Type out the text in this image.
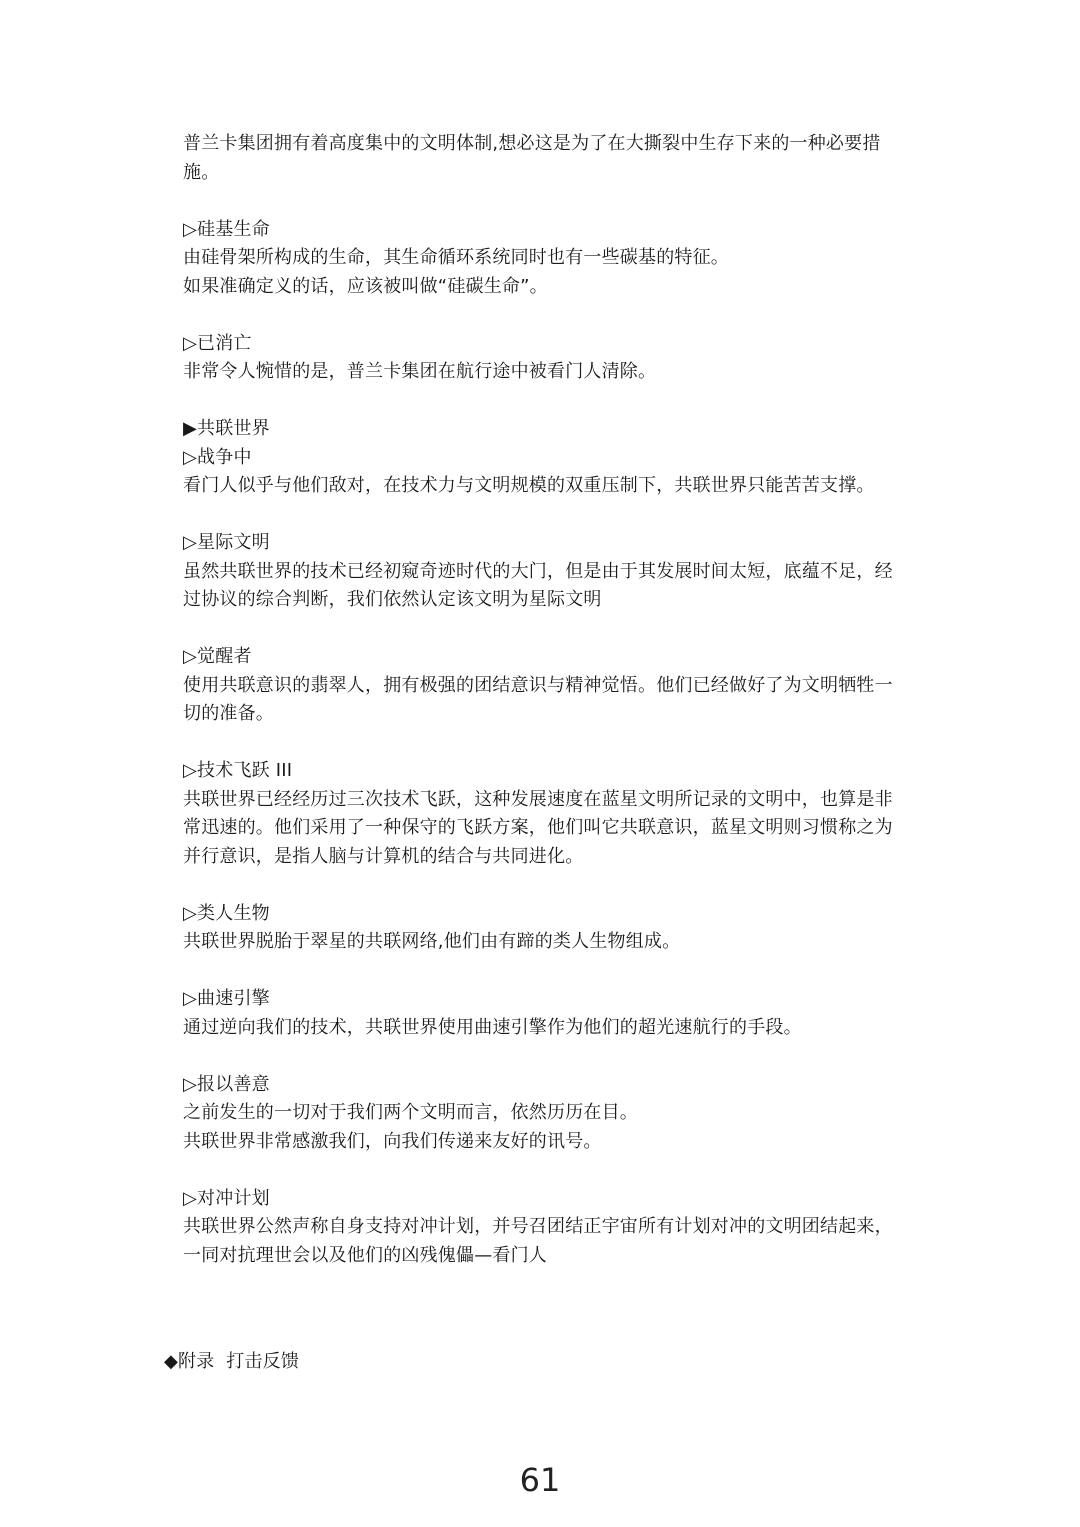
普兰卡集团拥有着高度集中的文明体制,想必这是为了在大撕裂中生存下来的一种必要措

施。

▷硅基生命

由硅骨架所构成的生命，其生命循环系统同时也有一些碳基的特征。

如果准确定义的话，应该被叫做“硅碳生命”。

▷已消亡

非常令人惋惜的是，普兰卡集团在航行途中被看门人清除。

▶共联世界

▷战争中

看门人似乎与他们敌对，在技术力与文明规模的双重压制下，共联世界只能苦苦支撑。

▷星际文明

虽然共联世界的技术已经初窥奇迹时代的大门，但是由于其发展时间太短，底蕴不足，经

过协议的综合判断，我们依然认定该文明为星际文明

▷觉醒者

使用共联意识的翡翠人，拥有极强的团结意识与精神觉悟。他们已经做好了为文明牺牲一

切的准备。

▷技术飞跃 III

共联世界已经经历过三次技术飞跃，这种发展速度在蓝星文明所记录的文明中，也算是非

常迅速的。他们采用了一种保守的飞跃方案，他们叫它共联意识，蓝星文明则习惯称之为

并行意识，是指人脑与计算机的结合与共同进化。

▷类人生物

共联世界脱胎于翠星的共联网络,他们由有蹄的类人生物组成。

▷曲速引擎

通过逆向我们的技术，共联世界使用曲速引擎作为他们的超光速航行的手段。

▷报以善意

之前发生的一切对于我们两个文明而言，依然历历在目。

共联世界非常感激我们，向我们传递来友好的讯号。

▷对冲计划

共联世界公然声称自身支持对冲计划，并号召团结正宇宙所有计划对冲的文明团结起来，

一同对抗理世会以及他们的凶残傀儡—看门人

◆附录  打击反馈
61
